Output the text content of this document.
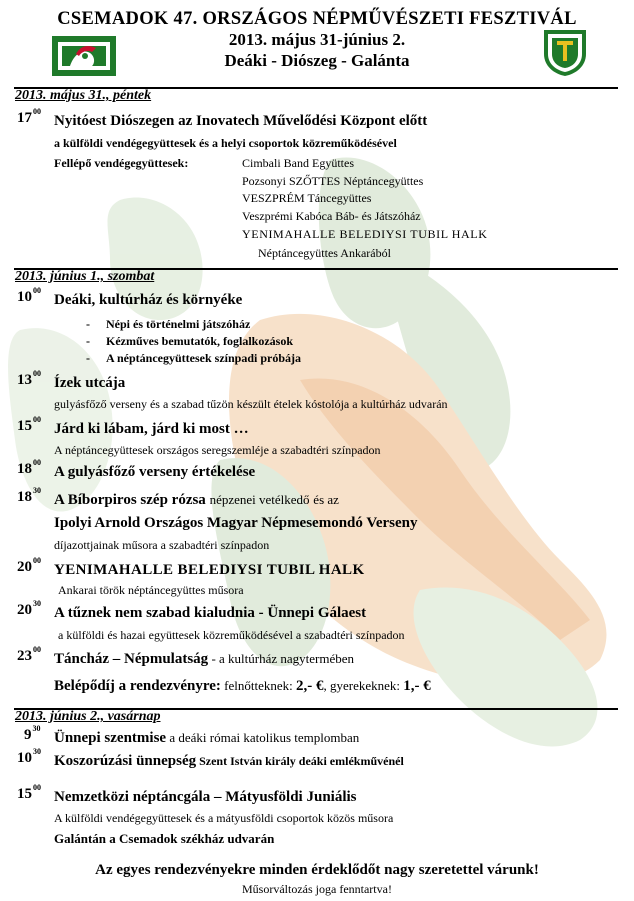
CSEMADOK 47. ORSZÁGOS NÉPMŰVÉSZETI FESZTIVÁL
2013. május 31-június 2.
Deáki - Diószeg - Galánta
2013. május 31., péntek
$17^{00}$
Nyitóest Diószegen az Inovatech Művelődési Központ előtt
a külföldi vendégegyüttesek és a helyi csoportok közreműködésével
Fellépő vendégegyüttesek:	Cimbali Band Együttes
Pozsonyi SZŐTTES Néptáncegyüttes
VESZPRÉM Táncegyüttes
Veszprémi Kabóca Báb- és Játszóház
YENIMAHALLE BELEDIYSI TUBIL HALK
Néptáncegyüttes Ankarából
2013. június 1., szombat
$10^{00}$
Deáki, kultúrház és környéke
- Népi és történelmi játszóház
- Kézműves bemutatók, foglalkozások
- A néptáncegyüttesek színpadi próbája
$13^{00}$
Ízek utcája
gulyásfőző verseny és a szabad tűzön készült ételek kóstolója a kultúrház udvarán
$15^{00}$
Járd ki lábam, járd ki most …
A néptáncegyüttesek országos seregszemléje a szabadtéri színpadon
$18^{00}$
A gulyásfőző verseny értékelése
$18^{30}$
A Bíborpiros szép rózsa népzenei vetélkedő és az
Ipolyi Arnold Országos Magyar Népmesemondó Verseny
díjazottjainak műsora a szabadtéri színpadon
$20^{00}$
YENIMAHALLE BELEDIYSI TUBIL HALK
Ankarai török néptáncegyüttes műsora
$20^{30}$
A tűznek nem szabad kialudnia - Ünnepi Gálaest
a külföldi és hazai együttesek közreműködésével a szabadtéri színpadon
$23^{00}$
Táncház – Népmulatság - a kultúrház nagytermében
Belépődíj a rendezvényre: felnőtteknek: 2,- €, gyerekeknek: 1,- €
2013. június 2., vasárnap
$9^{30}$
Ünnepi szentmise a deáki római katolikus templomban
$10^{30}$
Koszorúzási ünnepség Szent István király deáki emlékművénél
$15^{00}$
Nemzetközi néptáncgála – Mátyusföldi Juniális
A külföldi vendégegyüttesek és a mátyusföldi csoportok közös műsora
Galántán a Csemadok székház udvarán
Az egyes rendezvényekre minden érdeklődőt nagy szeretettel várunk!
Műsorváltozás joga fenntartva!
